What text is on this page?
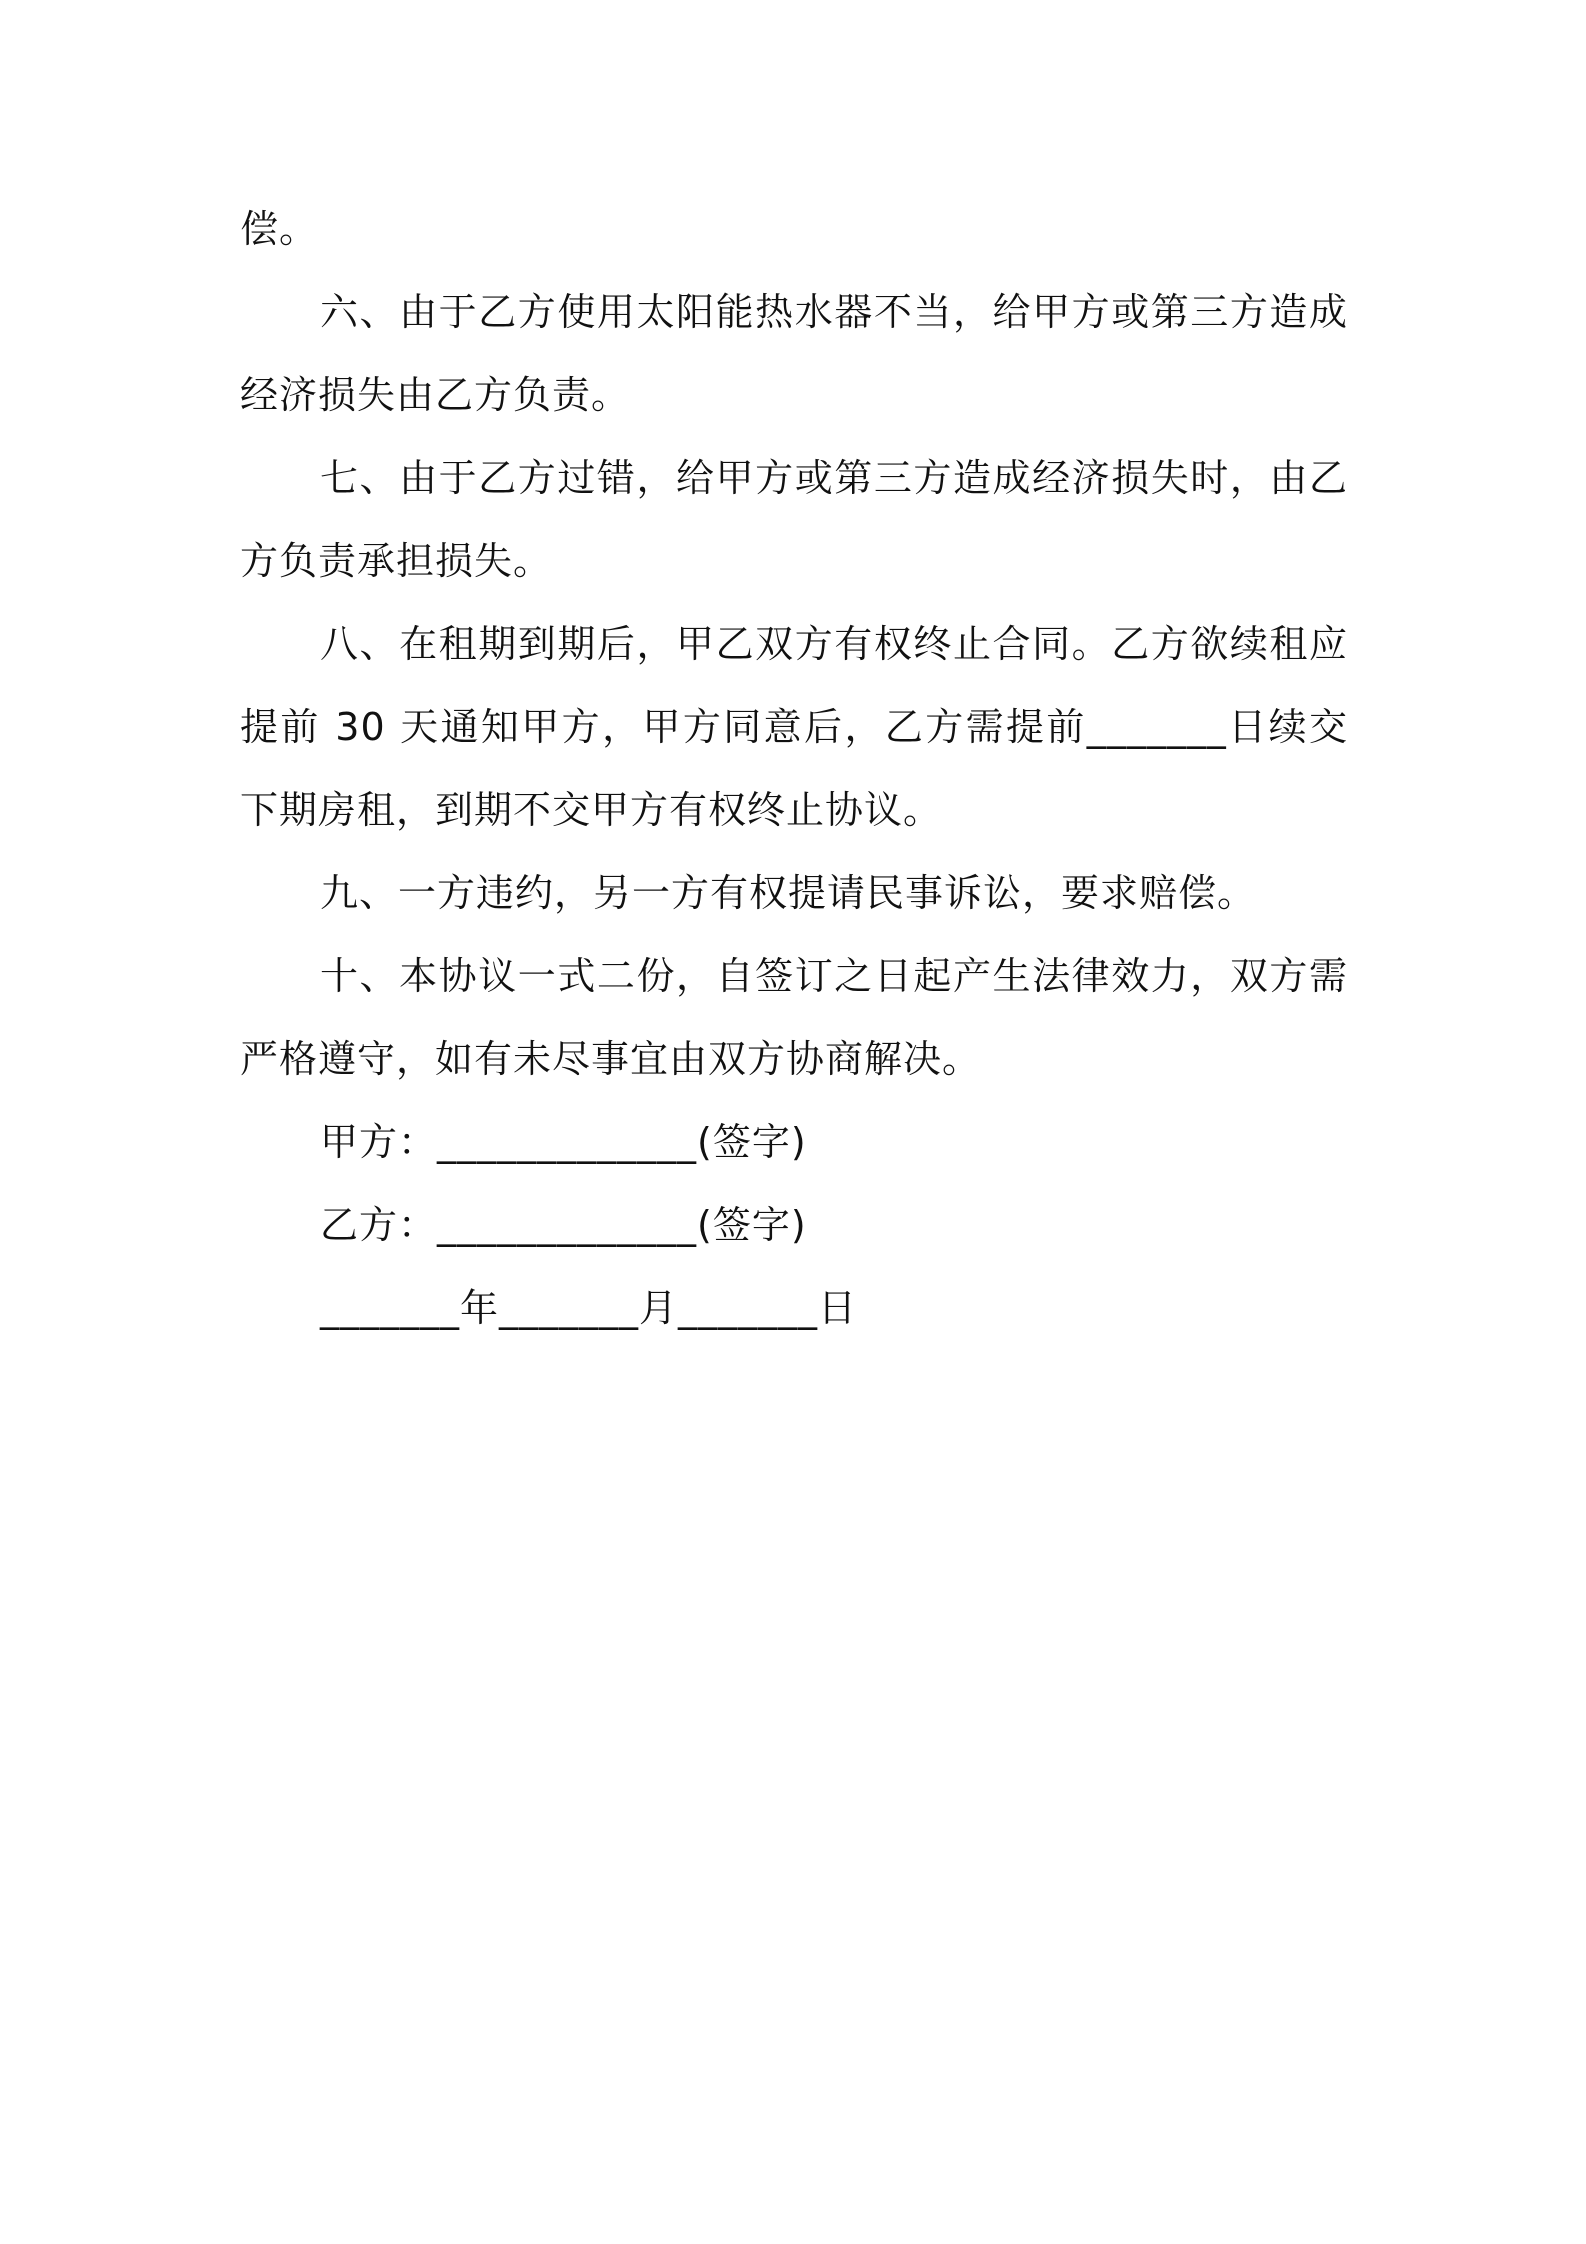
偿。

六、由于乙方使用太阳能热水器不当，给甲方或第三方造成经济损失由乙方负责。

七、由于乙方过错，给甲方或第三方造成经济损失时，由乙方负责承担损失。

八、在租期到期后，甲乙双方有权终止合同。乙方欲续租应提前 30 天通知甲方，甲方同意后，乙方需提前_______日续交下期房租，到期不交甲方有权终止协议。

九、一方违约，另一方有权提请民事诉讼，要求赔偿。

十、本协议一式二份，自签订之日起产生法律效力，双方需严格遵守，如有未尽事宜由双方协商解决。

甲方：_____________(签字)

乙方：_____________(签字)

_______年_______月_______日
